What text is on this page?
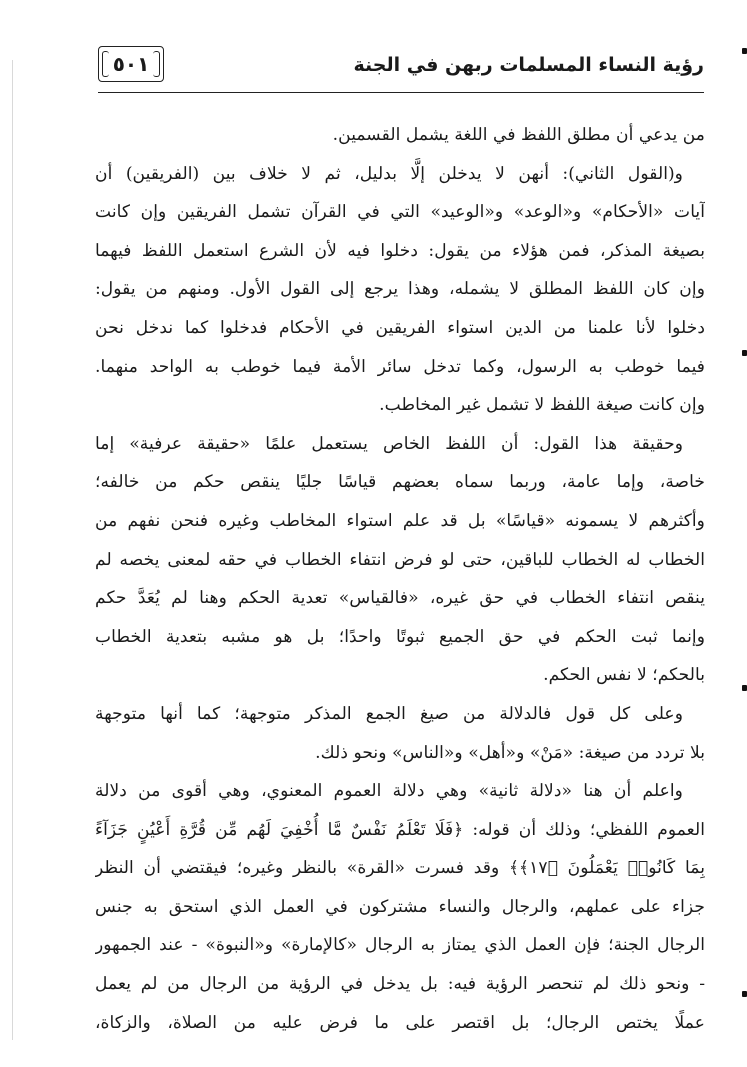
٥٠١	رؤية النساء المسلمات ربهن في الجنة
من يدعي أن مطلق اللفظ في اللغة يشمل القسمين.
و(القول الثاني): أنهن لا يدخلن إلَّا بدليل، ثم لا خلاف بين (الفريقين) أن
آيات «الأحكام» و«الوعد» و«الوعيد» التي في القرآن تشمل الفريقين وإن كانت
بصيغة المذكر، فمن هؤلاء من يقول: دخلوا فيه لأن الشرع استعمل اللفظ فيهما
وإن كان اللفظ المطلق لا يشمله، وهذا يرجع إلى القول الأول. ومنهم من يقول:
دخلوا لأنا علمنا من الدين استواء الفريقين في الأحكام فدخلوا كما ندخل نحن
فيما خوطب به الرسول، وكما تدخل سائر الأمة فيما خوطب به الواحد منهما.
وإن كانت صيغة اللفظ لا تشمل غير المخاطب.
وحقيقة هذا القول: أن اللفظ الخاص يستعمل علمًا «حقيقة عرفية» إما
خاصة، وإما عامة، وربما سماه بعضهم قياسًا جليًا ينقص حكم من خالفه؛
وأكثرهم لا يسمونه «قياسًا» بل قد علم استواء المخاطب وغيره فنحن نفهم من
الخطاب له الخطاب للباقين، حتى لو فرض انتفاء الخطاب في حقه لمعنى يخصه لم
ينقص انتفاء الخطاب في حق غيره، «فالقياس» تعدية الحكم وهنا لم يُعَدَّ حكم
وإنما ثبت الحكم في حق الجميع ثبوتًا واحدًا؛ بل هو مشبه بتعدية الخطاب
بالحكم؛ لا نفس الحكم.
وعلى كل قول فالدلالة من صيغ الجمع المذكر متوجهة؛ كما أنها متوجهة
بلا تردد من صيغة: «مَنْ» و«أهل» و«الناس» ونحو ذلك.
واعلم أن هنا «دلالة ثانية» وهي دلالة العموم المعنوي، وهي أقوى من دلالة
العموم اللفظي؛ وذلك أن قوله: ﴿فَلَا تَعْلَمُ نَفْسٌ مَّا أُخْفِيَ لَهُم مِّن قُرَّةِ أَعْيُنٍ جَزَآءً
بِمَا كَانُوا۟ يَعْمَلُونَ ﴿١٧﴾﴾ وقد فسرت «القرة» بالنظر وغيره؛ فيقتضي أن النظر
جزاء على عملهم، والرجال والنساء مشتركون في العمل الذي استحق به جنس
الرجال الجنة؛ فإن العمل الذي يمتاز به الرجال «كالإمارة» و«النبوة» - عند الجمهور
- ونحو ذلك لم تنحصر الرؤية فيه: بل يدخل في الرؤية من الرجال من لم يعمل
عملًا يختص الرجال؛ بل اقتصر على ما فرض عليه من الصلاة، والزكاة،
